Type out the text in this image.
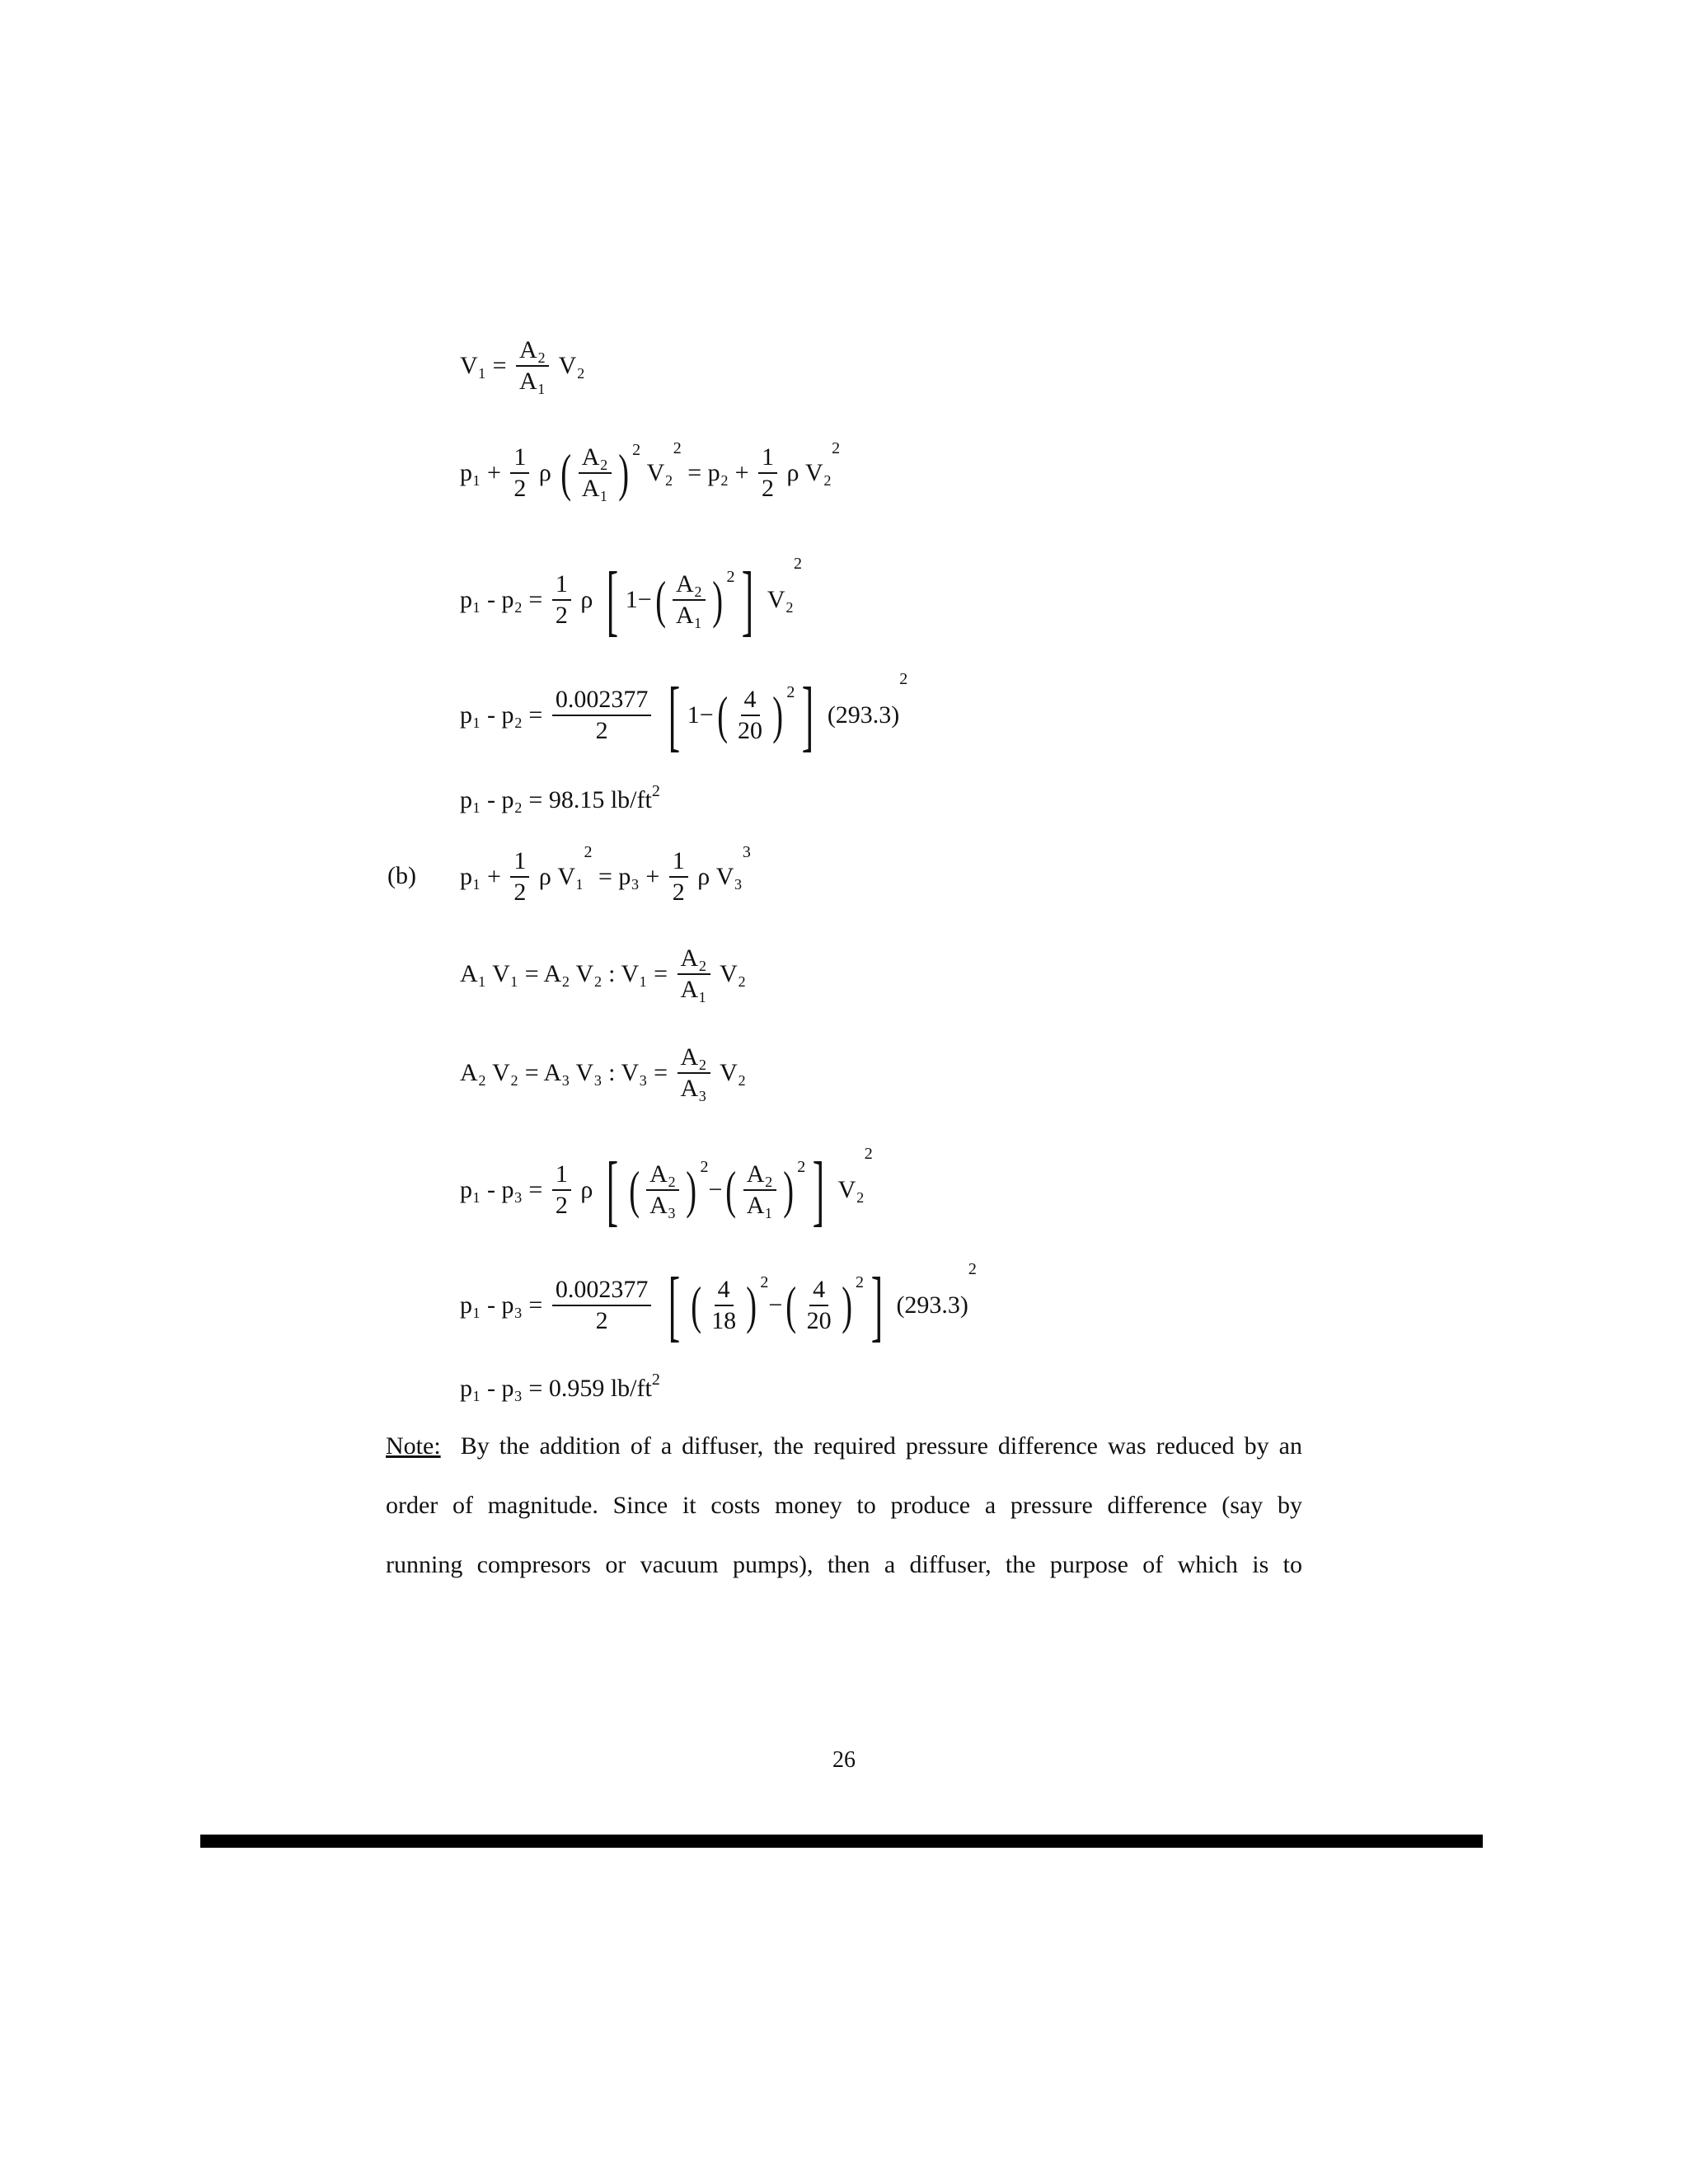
$V_1 = \frac{\text{A₂}}{\text{A₁}} V_2$
$p_1 + \frac{1}{2}$ ρ ( $\frac{\text{A₂}}{\text{A₁}}$ ) 2
$V_2^2 = p_2 + \frac{1}{2}$ ρ V₂$^2$
$p_1 - p_2 = \frac{1}{2}$ ρ [ 1− ( $\frac{\text{A₂}}{\text{A₁}}$ ) 2 ] V₂$^2$
$p_1 - p_2 = \frac{0.002377}{2}$
[ 1− ( $\frac{4}{20}$ ) 2 ] $(293.3)^2$
p₁ - p₂ = 98.15 $lb/ft^2$
(b) $p_1 + \frac{1}{2}$ ρ $V_1^2 = p_3 + \frac{1}{2}$ ρ V₃$^3$
A₁ V₁ = A₂ V₂ : $V_1 = \frac{\text{A₂}}{\text{A₁}} V_2$
A₂ V₂ = A₃ V₃ : $V_3 = \frac{\text{A₂}}{\text{A₃}} V_2$
$p_1 - p_3 = \frac{1}{2}$ ρ [ ( $\frac{\text{A₂}}{\text{A₃}}$ ) 2
− ( $\frac{\text{A₂}}{\text{A₁}}$ ) 2 ] V₂$^2$
$p_1 - p_3 = \frac{0.002377}{2}$
[ ( $\frac{4}{18}$ ) 2
− ( $\frac{4}{20}$ ) 2 ] $(293.3)^2$
p₁ - p₃ = 0.959 $lb/ft^2$
Note: By the addition of a diffuser, the required pressure difference was reduced by an
order of magnitude. Since it costs money to produce a pressure difference (say by
running compresors or vacuum pumps), then a diffuser, the purpose of which is to
26
